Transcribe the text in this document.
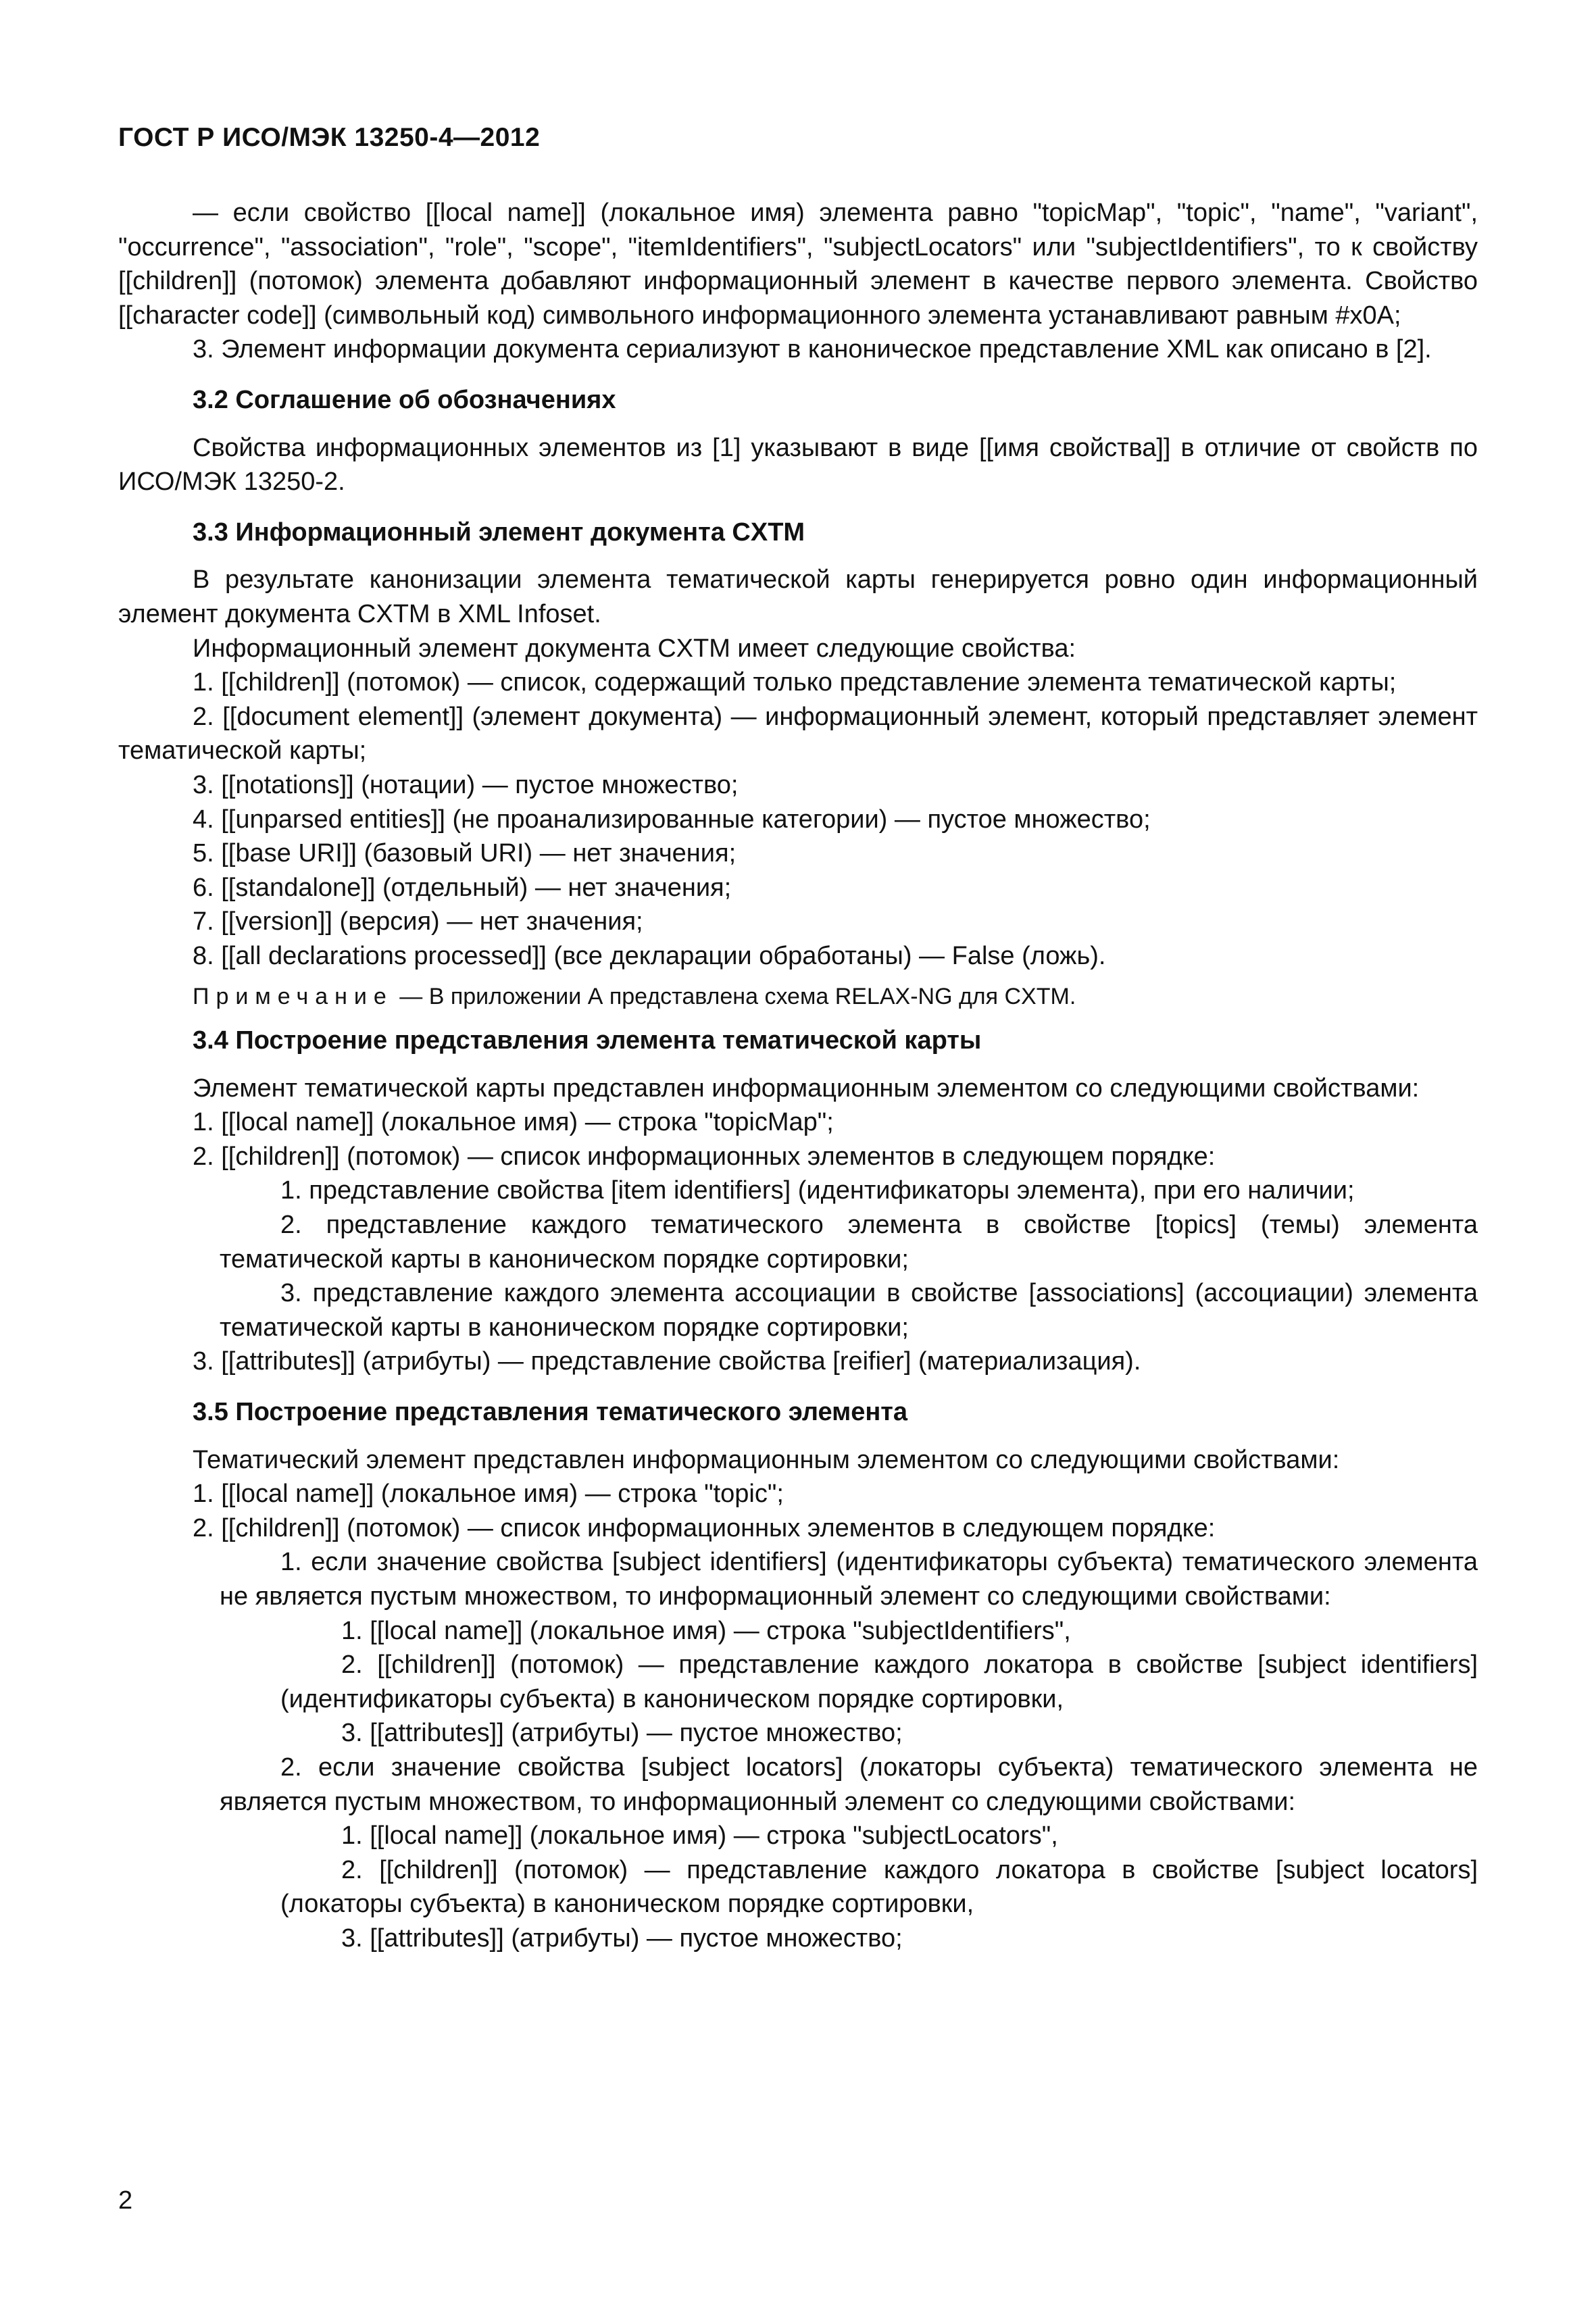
ГОСТ Р ИСО/МЭК 13250-4—2012

— если свойство [[local name]] (локальное имя) элемента равно "topicMap", "topic", "name", "variant", "occurrence", "association", "role", "scope", "itemIdentifiers", "subjectLocators" или "subjectIdentifiers", то к свойству [[children]] (потомок) элемента добавляют информационный элемент в качестве первого элемента. Свойство [[character code]] (символьный код) символьного информационного элемента устанавливают равным #x0A;

3. Элемент информации документа сериализуют в каноническое представление XML как описано в [2].

3.2 Соглашение об обозначениях

Свойства информационных элементов из [1] указывают в виде [[имя свойства]] в отличие от свойств по ИСО/МЭК 13250-2.

3.3 Информационный элемент документа CXTM

В результате канонизации элемента тематической карты генерируется ровно один информационный элемент документа CXTM в XML Infoset.

Информационный элемент документа CXTM имеет следующие свойства:

1. [[children]] (потомок) — список, содержащий только представление элемента тематической карты;

2. [[document element]] (элемент документа) — информационный элемент, который представляет элемент тематической карты;

3. [[notations]] (нотации) — пустое множество;

4. [[unparsed entities]] (не проанализированные категории) — пустое множество;

5. [[base URI]] (базовый URI) — нет значения;

6. [[standalone]] (отдельный) — нет значения;

7. [[version]] (версия) — нет значения;

8. [[all declarations processed]] (все декларации обработаны) — False (ложь).

Примечание — В приложении А представлена схема RELAX-NG для CXTM.
3.4 Построение представления элемента тематической карты

Элемент тематической карты представлен информационным элементом со следующими свойствами:

1. [[local name]] (локальное имя) — строка "topicMap";

2. [[children]] (потомок) — список информационных элементов в следующем порядке:

1. представление свойства [item identifiers] (идентификаторы элемента), при его наличии;

2. представление каждого тематического элемента в свойстве [topics] (темы) элемента тематической карты в каноническом порядке сортировки;

3. представление каждого элемента ассоциации в свойстве [associations] (ассоциации) элемента тематической карты в каноническом порядке сортировки;

3. [[attributes]] (атрибуты) — представление свойства [reifier] (материализация).

3.5 Построение представления тематического элемента

Тематический элемент представлен информационным элементом со следующими свойствами:

1. [[local name]] (локальное имя) — строка "topic";

2. [[children]] (потомок) — список информационных элементов в следующем порядке:

1. если значение свойства [subject identifiers] (идентификаторы субъекта) тематического элемента не является пустым множеством, то информационный элемент со следующими свойствами:

1. [[local name]] (локальное имя) — строка "subjectIdentifiers",

2. [[children]] (потомок) — представление каждого локатора в свойстве [subject identifiers] (идентификаторы субъекта) в каноническом порядке сортировки,

3. [[attributes]] (атрибуты) — пустое множество;

2. если значение свойства [subject locators] (локаторы субъекта) тематического элемента не является пустым множеством, то информационный элемент со следующими свойствами:

1. [[local name]] (локальное имя) — строка "subjectLocators",

2. [[children]] (потомок) — представление каждого локатора в свойстве [subject locators] (локаторы субъекта) в каноническом порядке сортировки,

3. [[attributes]] (атрибуты) — пустое множество;

2
